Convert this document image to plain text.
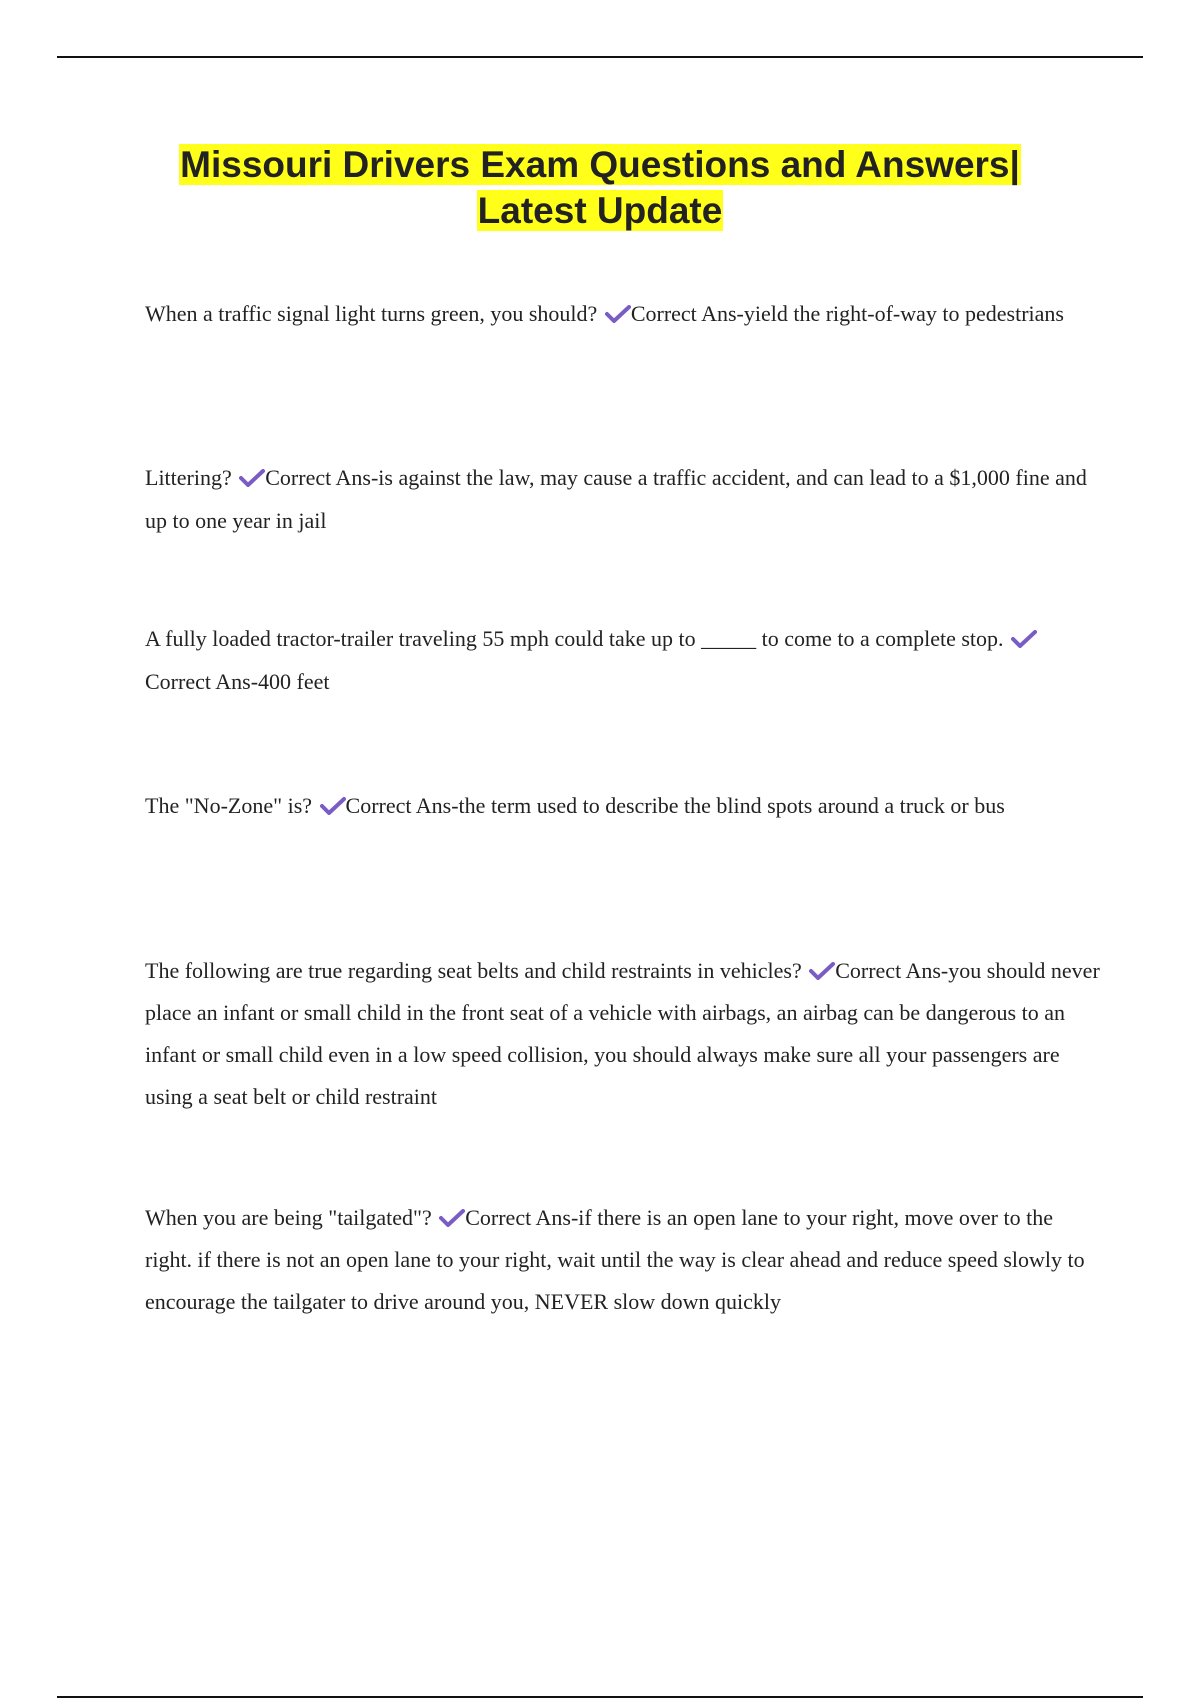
Missouri Drivers Exam Questions and Answers|
Latest Update
When a traffic signal light turns green, you should? Correct Ans-yield the right-of-way to pedestrians
Littering? Correct Ans-is against the law, may cause a traffic accident, and can lead to a $1,000 fine and up to one year in jail
A fully loaded tractor-trailer traveling 55 mph could take up to _____ to come to a complete stop.
Correct Ans-400 feet
The "No-Zone" is? Correct Ans-the term used to describe the blind spots around a truck or bus
The following are true regarding seat belts and child restraints in vehicles? Correct Ans-you should never place an infant or small child in the front seat of a vehicle with airbags, an airbag can be dangerous to an infant or small child even in a low speed collision, you should always make sure all your passengers are using a seat belt or child restraint
When you are being "tailgated"? Correct Ans-if there is an open lane to your right, move over to the right. if there is not an open lane to your right, wait until the way is clear ahead and reduce speed slowly to encourage the tailgater to drive around you, NEVER slow down quickly
